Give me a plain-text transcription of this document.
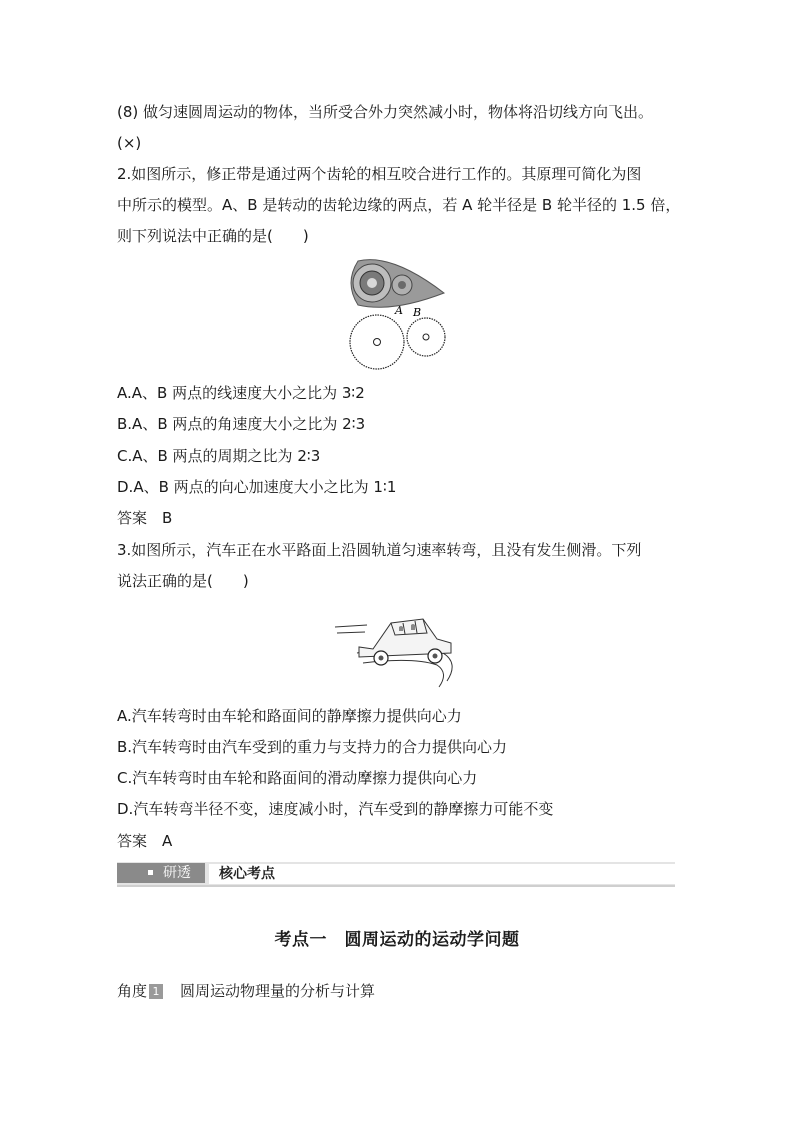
(8) 做匀速圆周运动的物体，当所受合外力突然减小时，物体将沿切线方向飞出。
(×)
2.如图所示，修正带是通过两个齿轮的相互咬合进行工作的。其原理可简化为图
中所示的模型。A、B 是转动的齿轮边缘的两点，若 A 轮半径是 B 轮半径的 1.5 倍，
则下列说法中正确的是(　　)
A B
A.A、B 两点的线速度大小之比为 3∶2
B.A、B 两点的角速度大小之比为 2∶3
C.A、B 两点的周期之比为 2∶3
D.A、B 两点的向心加速度大小之比为 1∶1
答案　B
3.如图所示，汽车正在水平路面上沿圆轨道匀速率转弯，且没有发生侧滑。下列
说法正确的是(　　)
A.汽车转弯时由车轮和路面间的静摩擦力提供向心力
B.汽车转弯时由汽车受到的重力与支持力的合力提供向心力
C.汽车转弯时由车轮和路面间的滑动摩擦力提供向心力
D.汽车转弯半径不变，速度减小时，汽车受到的静摩擦力可能不变
答案　A
研透 核心考点
考点一　圆周运动的运动学问题
角度 1　 圆周运动物理量的分析与计算
